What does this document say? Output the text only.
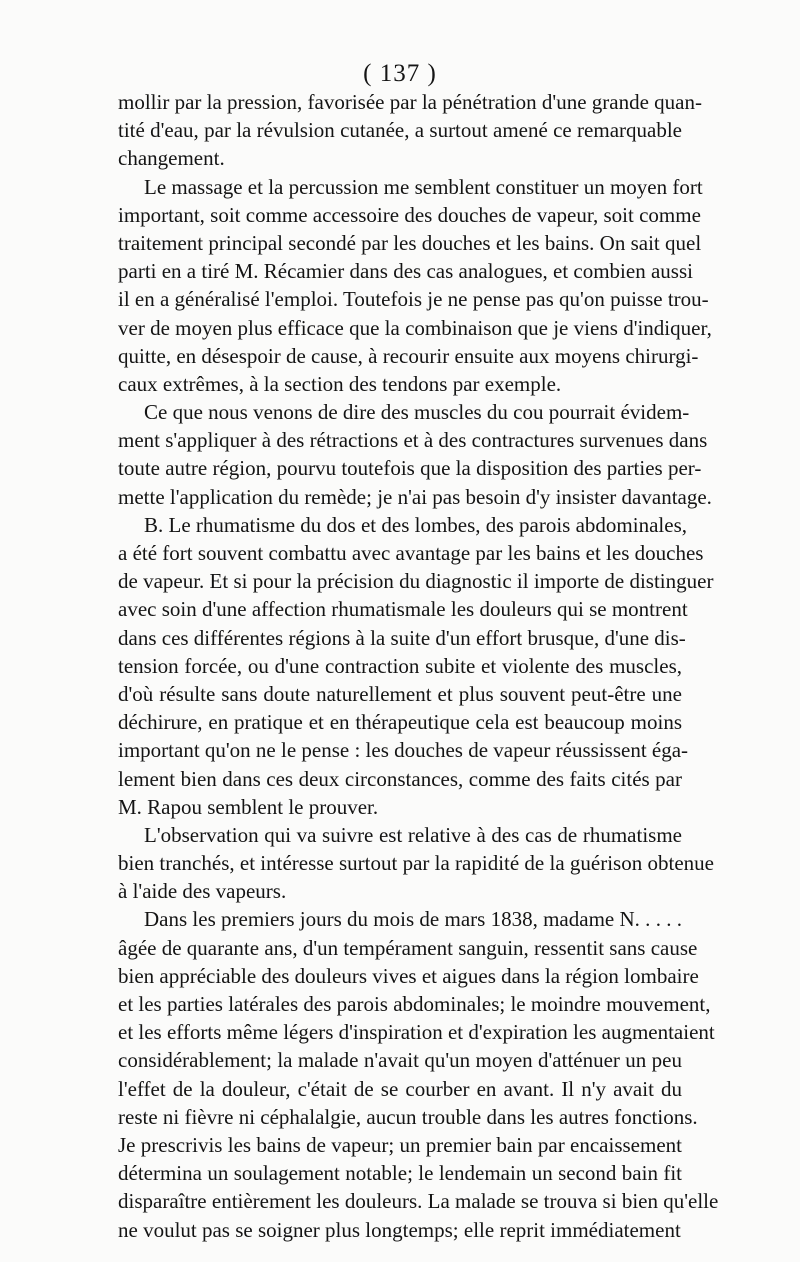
( 137 )
mollir par la pression, favorisée par la pénétration d'une grande quan-
tité d'eau, par la révulsion cutanée, a surtout amené ce remarquable
changement.
Le massage et la percussion me semblent constituer un moyen fort
important, soit comme accessoire des douches de vapeur, soit comme
traitement principal secondé par les douches et les bains. On sait quel
parti en a tiré M. Récamier dans des cas analogues, et combien aussi
il en a généralisé l'emploi. Toutefois je ne pense pas qu'on puisse trou-
ver de moyen plus efficace que la combinaison que je viens d'indiquer,
quitte, en désespoir de cause, à recourir ensuite aux moyens chirurgi-
caux extrêmes, à la section des tendons par exemple.
Ce que nous venons de dire des muscles du cou pourrait évidem-
ment s'appliquer à des rétractions et à des contractures survenues dans
toute autre région, pourvu toutefois que la disposition des parties per-
mette l'application du remède; je n'ai pas besoin d'y insister davantage.
B. Le rhumatisme du dos et des lombes, des parois abdominales,
a été fort souvent combattu avec avantage par les bains et les douches
de vapeur. Et si pour la précision du diagnostic il importe de distinguer
avec soin d'une affection rhumatismale les douleurs qui se montrent
dans ces différentes régions à la suite d'un effort brusque, d'une dis-
tension forcée, ou d'une contraction subite et violente des muscles,
d'où résulte sans doute naturellement et plus souvent peut-être une
déchirure, en pratique et en thérapeutique cela est beaucoup moins
important qu'on ne le pense : les douches de vapeur réussissent éga-
lement bien dans ces deux circonstances, comme des faits cités par
M. Rapou semblent le prouver.
L'observation qui va suivre est relative à des cas de rhumatisme
bien tranchés, et intéresse surtout par la rapidité de la guérison obtenue
à l'aide des vapeurs.
Dans les premiers jours du mois de mars 1838, madame N. . . . .
âgée de quarante ans, d'un tempérament sanguin, ressentit sans cause
bien appréciable des douleurs vives et aigues dans la région lombaire
et les parties latérales des parois abdominales; le moindre mouvement,
et les efforts même légers d'inspiration et d'expiration les augmentaient
considérablement; la malade n'avait qu'un moyen d'atténuer un peu
l'effet de la douleur, c'était de se courber en avant. Il n'y avait du
reste ni fièvre ni céphalalgie, aucun trouble dans les autres fonctions.
Je prescrivis les bains de vapeur; un premier bain par encaissement
détermina un soulagement notable; le lendemain un second bain fit
disparaître entièrement les douleurs. La malade se trouva si bien qu'elle
ne voulut pas se soigner plus longtemps; elle reprit immédiatement
